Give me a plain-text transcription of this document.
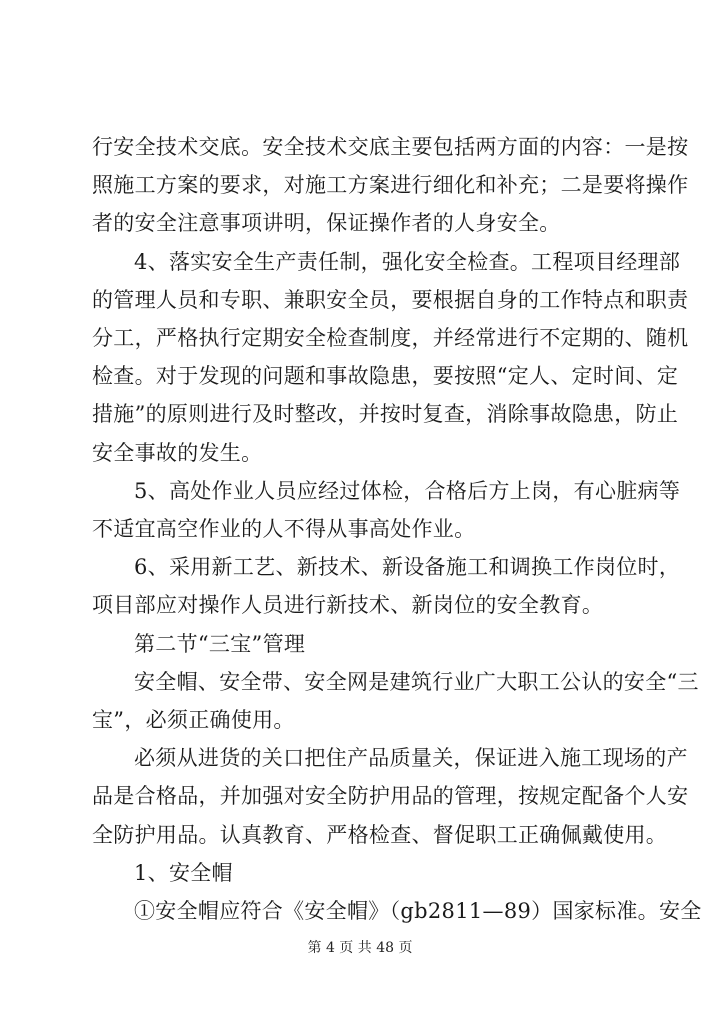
行安全技术交底。安全技术交底主要包括两方面的内容：一是按
照施工方案的要求，对施工方案进行细化和补充；二是要将操作
者的安全注意事项讲明，保证操作者的人身安全。
4、落实安全生产责任制，强化安全检查。工程项目经理部
的管理人员和专职、兼职安全员，要根据自身的工作特点和职责
分工，严格执行定期安全检查制度，并经常进行不定期的、随机
检查。对于发现的问题和事故隐患，要按照“定人、定时间、定
措施”的原则进行及时整改，并按时复查，消除事故隐患，防止
安全事故的发生。
5、高处作业人员应经过体检，合格后方上岗，有心脏病等
不适宜高空作业的人不得从事高处作业。
6、采用新工艺、新技术、新设备施工和调换工作岗位时，
项目部应对操作人员进行新技术、新岗位的安全教育。
第二节“三宝”管理
安全帽、安全带、安全网是建筑行业广大职工公认的安全“三
宝”，必须正确使用。
必须从进货的关口把住产品质量关，保证进入施工现场的产
品是合格品，并加强对安全防护用品的管理，按规定配备个人安
全防护用品。认真教育、严格检查、督促职工正确佩戴使用。
1、安全帽
①安全帽应符合《安全帽》（gb2811—89）国家标准。安全
第 4 页 共 48 页
